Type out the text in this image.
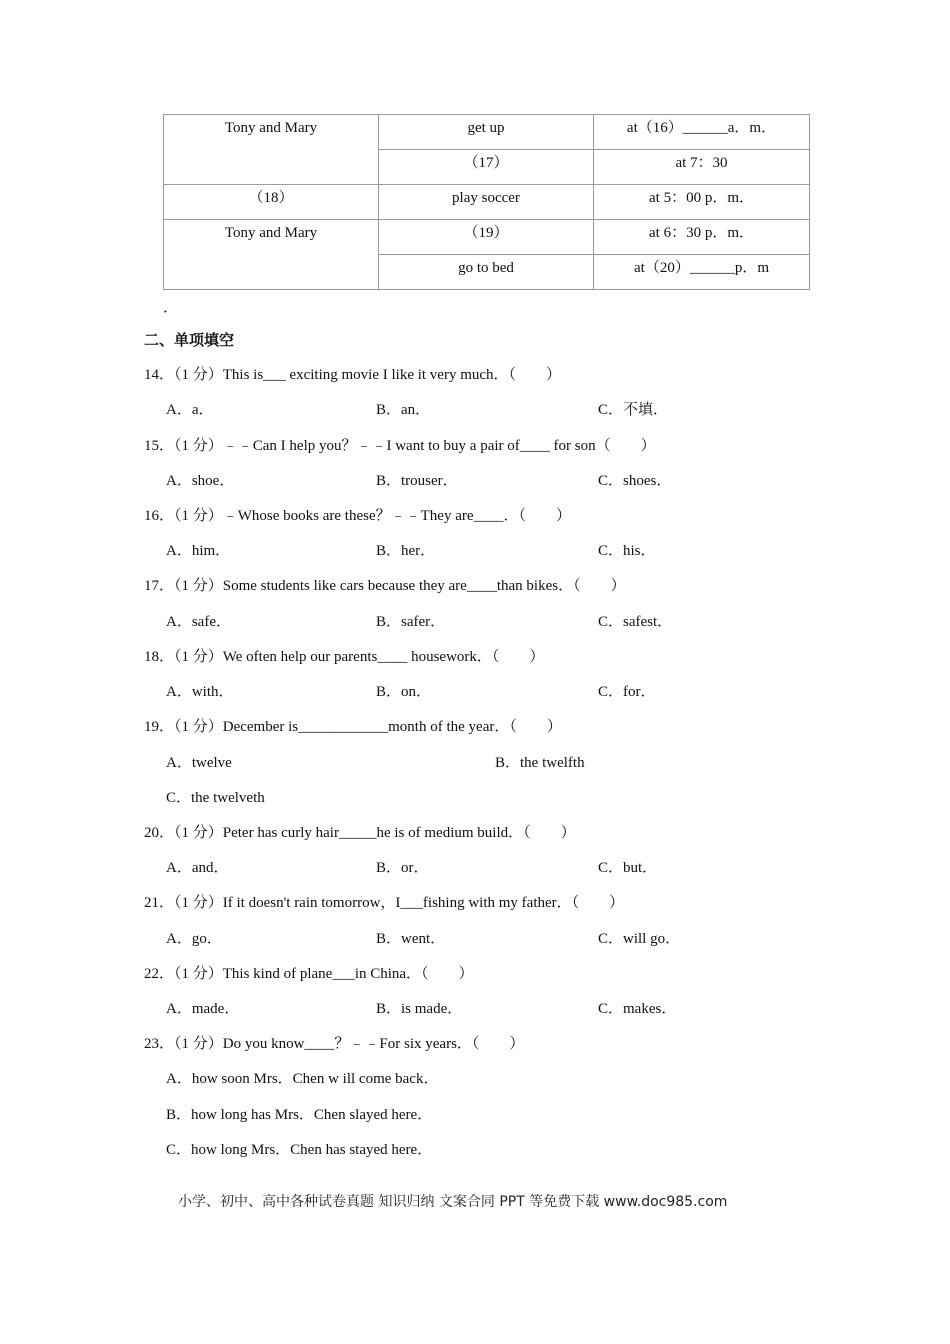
Tony and Mary	get up	at（16）______a．m．
	（17）	at 7：30
（18）	play soccer	at 5：00 p．m．
Tony and Mary	（19）	at 6：30 p．m．
	go to bed	at（20）______p．m
．
二、单项填空
14．（1 分）This is___ exciting movie I like it very much．（　　）
A．a．	B．an．	C．不填．
15．（1 分）﹣﹣Can I help you？﹣﹣I want to buy a pair of____ for son（　　）
A．shoe．	B．trouser．	C．shoes．
16．（1 分）﹣Whose books are these？﹣﹣They are____．（　　）
A．him．	B．her．	C．his．
17．（1 分）Some students like cars because they are____than bikes．（　　）
A．safe．	B．safer．	C．safest．
18．（1 分）We often help our parents____ housework．（　　）
A．with．	B．on．	C．for．
19．（1 分）December is____________month of the year．（　　）
A．twelve	B．the twelfth
C．the twelveth
20．（1 分）Peter has curly hair_____he is of medium build．（　　）
A．and．	B．or．	C．but．
21．（1 分）If it doesn't rain tomorrow，I___fishing with my father．（　　）
A．go．	B．went．	C．will go．
22．（1 分）This kind of plane___in China．（　　）
A．made．	B．is made．	C．makes．
23．（1 分）Do you know____？﹣﹣For six years．（　　）
A．how soon Mrs．Chen w ill come back．
B．how long has Mrs．Chen slayed here．
C．how long Mrs．Chen has stayed here．
小学、初中、高中各种试卷真题 知识归纳 文案合同 PPT 等免费下载 www.doc985.com
